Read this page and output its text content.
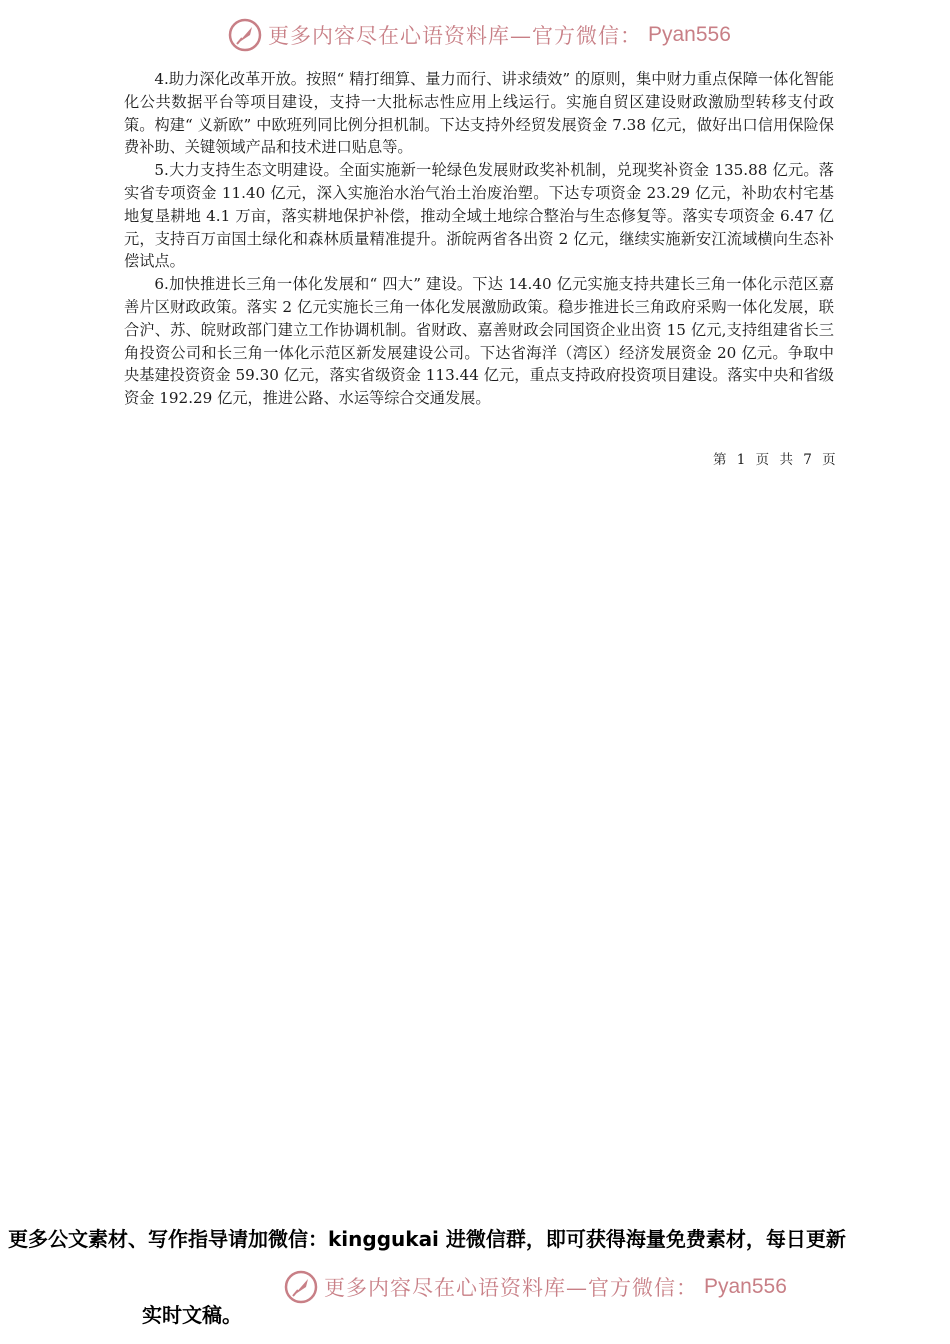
更多内容尽在心语资料库—官方微信： Pyan556

4.助力深化改革开放。按照“ 精打细算、量力而行、讲求绩效” 的原则，集中财力重点保障一体化智能化公共数据平台等项目建设，支持一大批标志性应用上线运行。实施自贸区建设财政激励型转移支付政策。构建“ 义新欧” 中欧班列同比例分担机制。下达支持外经贸发展资金 7.38 亿元，做好出口信用保险保费补助、关键领域产品和技术进口贴息等。

5.大力支持生态文明建设。全面实施新一轮绿色发展财政奖补机制，兑现奖补资金 135.88 亿元。落实省专项资金 11.40 亿元，深入实施治水治气治土治废治塑。下达专项资金 23.29 亿元，补助农村宅基地复垦耕地 4.1 万亩，落实耕地保护补偿，推动全域土地综合整治与生态修复等。落实专项资金 6.47 亿元，支持百万亩国土绿化和森林质量精准提升。浙皖两省各出资 2 亿元，继续实施新安江流域横向生态补偿试点。

6.加快推进长三角一体化发展和“ 四大” 建设。下达 14.40 亿元实施支持共建长三角一体化示范区嘉善片区财政政策。落实 2 亿元实施长三角一体化发展激励政策。稳步推进长三角政府采购一体化发展，联合沪、苏、皖财政部门建立工作协调机制。省财政、嘉善财政会同国资企业出资 15 亿元,支持组建省长三角投资公司和长三角一体化示范区新发展建设公司。下达省海洋（湾区）经济发展资金 20 亿元。争取中央基建投资资金 59.30 亿元，落实省级资金 113.44 亿元，重点支持政府投资项目建设。落实中央和省级资金 192.29 亿元，推进公路、水运等综合交通发展。

第 1 页 共 7 页
更多公文素材、写作指导请加微信：kinggukai 进微信群，即可获得海量免费素材，每日更新
更多内容尽在心语资料库—官方微信： Pyan556
实时文稿。
